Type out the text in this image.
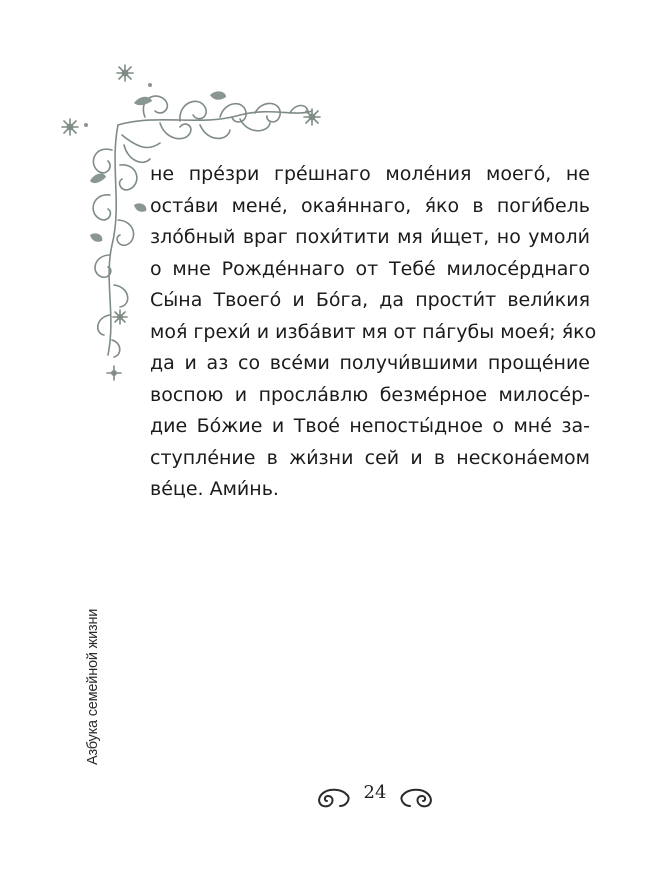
не пре́зри гре́шнаго моле́ния моего́, не
оста́ви мене́, окая́ннаго, я́ко в поги́бель
зло́бный враг похи́тити мя и́щет, но умоли́
о мне Рожде́ннаго от Тебе́ милосе́рднаго
Сы́на Твоего́ и Бо́га, да прости́т вели́кия
моя́ грехи́ и изба́вит мя от па́губы моея́; я́ко
да и аз со все́ми получи́вшими проще́ние
воспою и просла́влю безме́рное милосе́р-
дие Бо́жие и Твое́ непосты́дное о мне́ за-
ступле́ние в жи́зни сей и в нескона́емом
ве́це. Ами́нь.
Азбука семейной жизни
24
